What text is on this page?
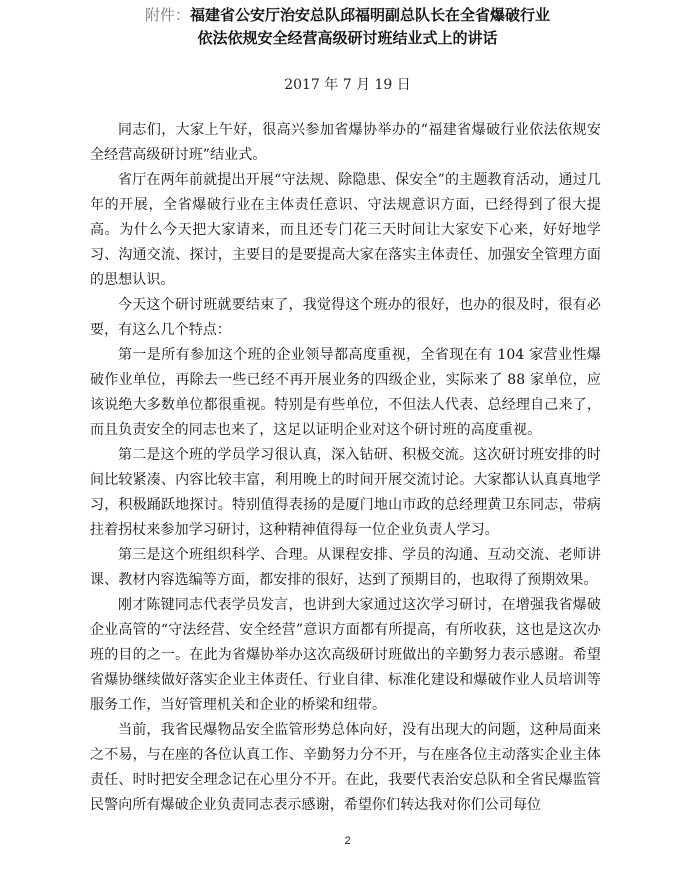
附件：福建省公安厅治安总队邱福明副总队长在全省爆破行业
依法依规安全经营高级研讨班结业式上的讲话
2017 年 7 月 19 日

同志们，大家上午好，很高兴参加省爆协举办的“福建省爆破行业依法依规安全经营高级研讨班”结业式。

省厅在两年前就提出开展“守法规、除隐患、保安全”的主题教育活动，通过几年的开展，全省爆破行业在主体责任意识、守法规意识方面，已经得到了很大提高。为什么今天把大家请来，而且还专门花三天时间让大家安下心来，好好地学习、沟通交流、探讨，主要目的是要提高大家在落实主体责任、加强安全管理方面的思想认识。

今天这个研讨班就要结束了，我觉得这个班办的很好，也办的很及时，很有必要，有这么几个特点：

第一是所有参加这个班的企业领导都高度重视，全省现在有 104 家营业性爆破作业单位，再除去一些已经不再开展业务的四级企业，实际来了 88 家单位，应该说绝大多数单位都很重视。特别是有些单位，不但法人代表、总经理自己来了，而且负责安全的同志也来了，这足以证明企业对这个研讨班的高度重视。

第二是这个班的学员学习很认真，深入钻研、积极交流。这次研讨班安排的时间比较紧凑、内容比较丰富，利用晚上的时间开展交流讨论。大家都认认真真地学习，积极踊跃地探讨。特别值得表扬的是厦门地山市政的总经理黄卫东同志，带病拄着拐杖来参加学习研讨，这种精神值得每一位企业负责人学习。

第三是这个班组织科学、合理。从课程安排、学员的沟通、互动交流、老师讲课、教材内容选编等方面，都安排的很好，达到了预期目的，也取得了预期效果。

刚才陈键同志代表学员发言，也讲到大家通过这次学习研讨，在增强我省爆破企业高管的“守法经营、安全经营”意识方面都有所提高，有所收获，这也是这次办班的目的之一。在此为省爆协举办这次高级研讨班做出的辛勤努力表示感谢。希望省爆协继续做好落实企业主体责任、行业自律、标准化建设和爆破作业人员培训等服务工作，当好管理机关和企业的桥梁和纽带。

当前，我省民爆物品安全监管形势总体向好，没有出现大的问题，这种局面来之不易，与在座的各位认真工作、辛勤努力分不开，与在座各位主动落实企业主体责任、时时把安全理念记在心里分不开。在此，我要代表治安总队和全省民爆监管民警向所有爆破企业负责同志表示感谢，希望你们转达我对你们公司每位

2
